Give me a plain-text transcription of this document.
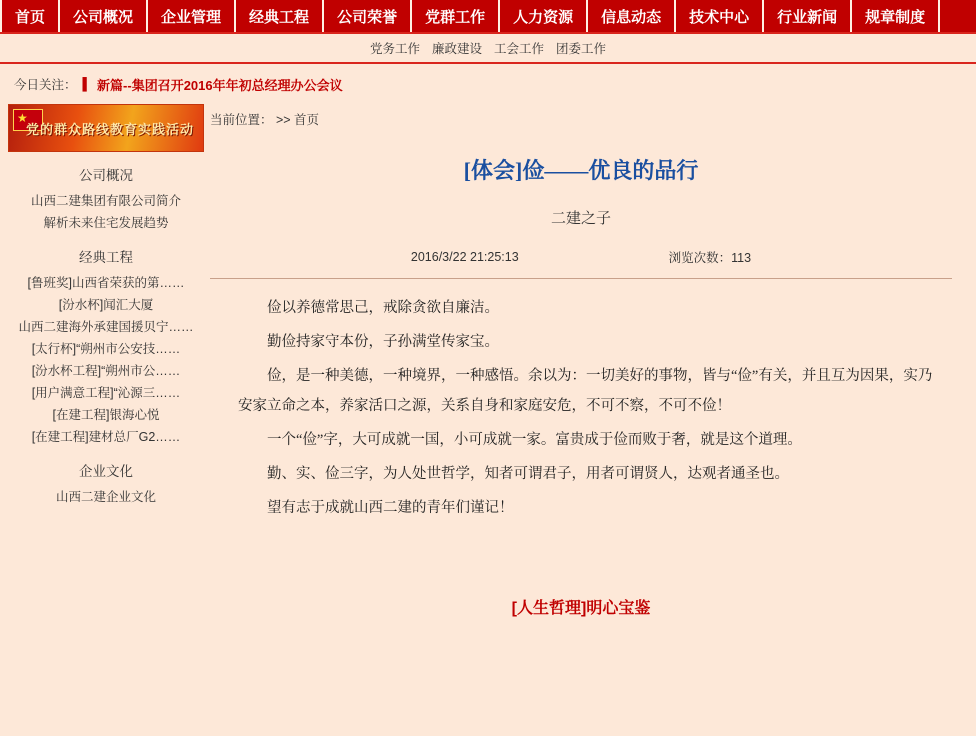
首页	公司概况	企业管理	经典工程	公司荣誉	党群工作	人力资源	信息动态	技术中心	行业新闻	规章制度
党务工作 廉政建设 工会工作 团委工作
今日关注： ▌ 新篇--集团召开2016年年初总经理办公会议
★
党的群众路线教育实践活动
公司概况
山西二建集团有限公司简介
解析未来住宅发展趋势
经典工程
[鲁班奖]山西省荣获的第……
[汾水杯]闻汇大厦
山西二建海外承建国援贝宁……
[太行杯]“朔州市公安技……
[汾水杯工程]“朔州市公……
[用户满意工程]“沁源三……
[在建工程]银海心悦
[在建工程]建材总厂G2……
企业文化
山西二建企业文化
当前位置： >> 首页
[体会]俭——优良的品行
二建之子
2016/3/22 21:25:13	浏览次数：113

俭以养德常思己，戒除贪欲自廉洁。

勤俭持家守本份，子孙满堂传家宝。

俭，是一种美德，一种境界，一种感悟。余以为：一切美好的事物，皆与“俭”有关，并且互为因果，实乃安家立命之本，养家活口之源，关系自身和家庭安危，不可不察，不可不俭！

一个“俭”字，大可成就一国，小可成就一家。富贵成于俭而败于奢，就是这个道理。

勤、实、俭三字，为人处世哲学，知者可谓君子，用者可谓贤人，达观者通圣也。

望有志于成就山西二建的青年们谨记！

[人生哲理]明心宝鉴
